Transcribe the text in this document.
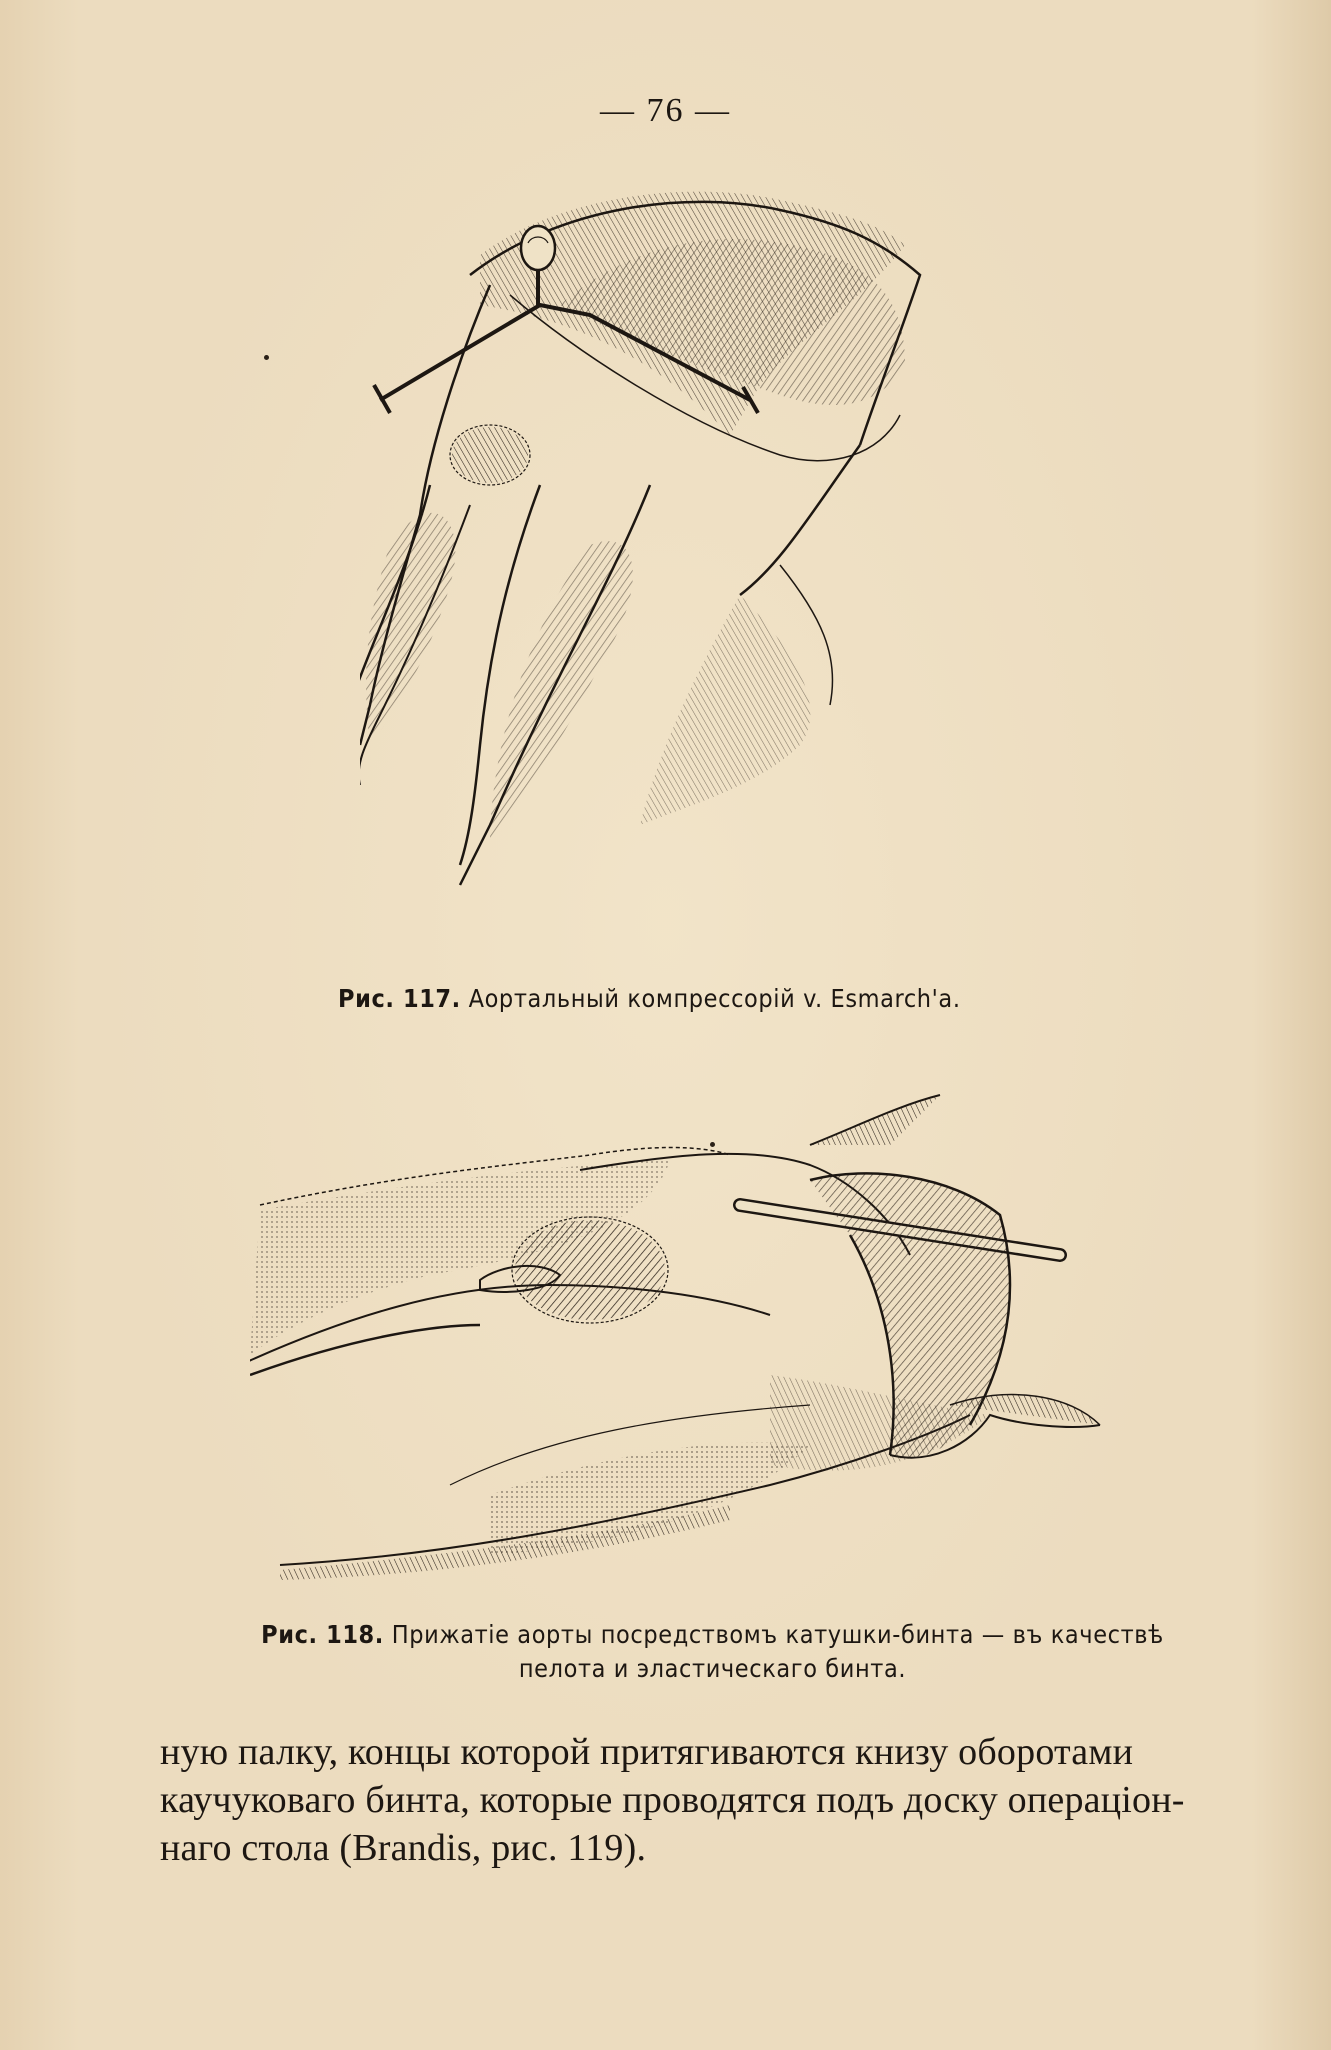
— 76 —
Рис. 117. Аортальный компрессорій v. Esmarch'a.
Рис. 118. Прижатіе аорты посредствомъ катушки-бинта — въ качествѣ
пелота и эластическаго бинта.
ную палку, концы которой притягиваются книзу оборотами
каучуковаго бинта, которые проводятся подъ доску операціон-
наго стола (Brandis, рис. 119).
